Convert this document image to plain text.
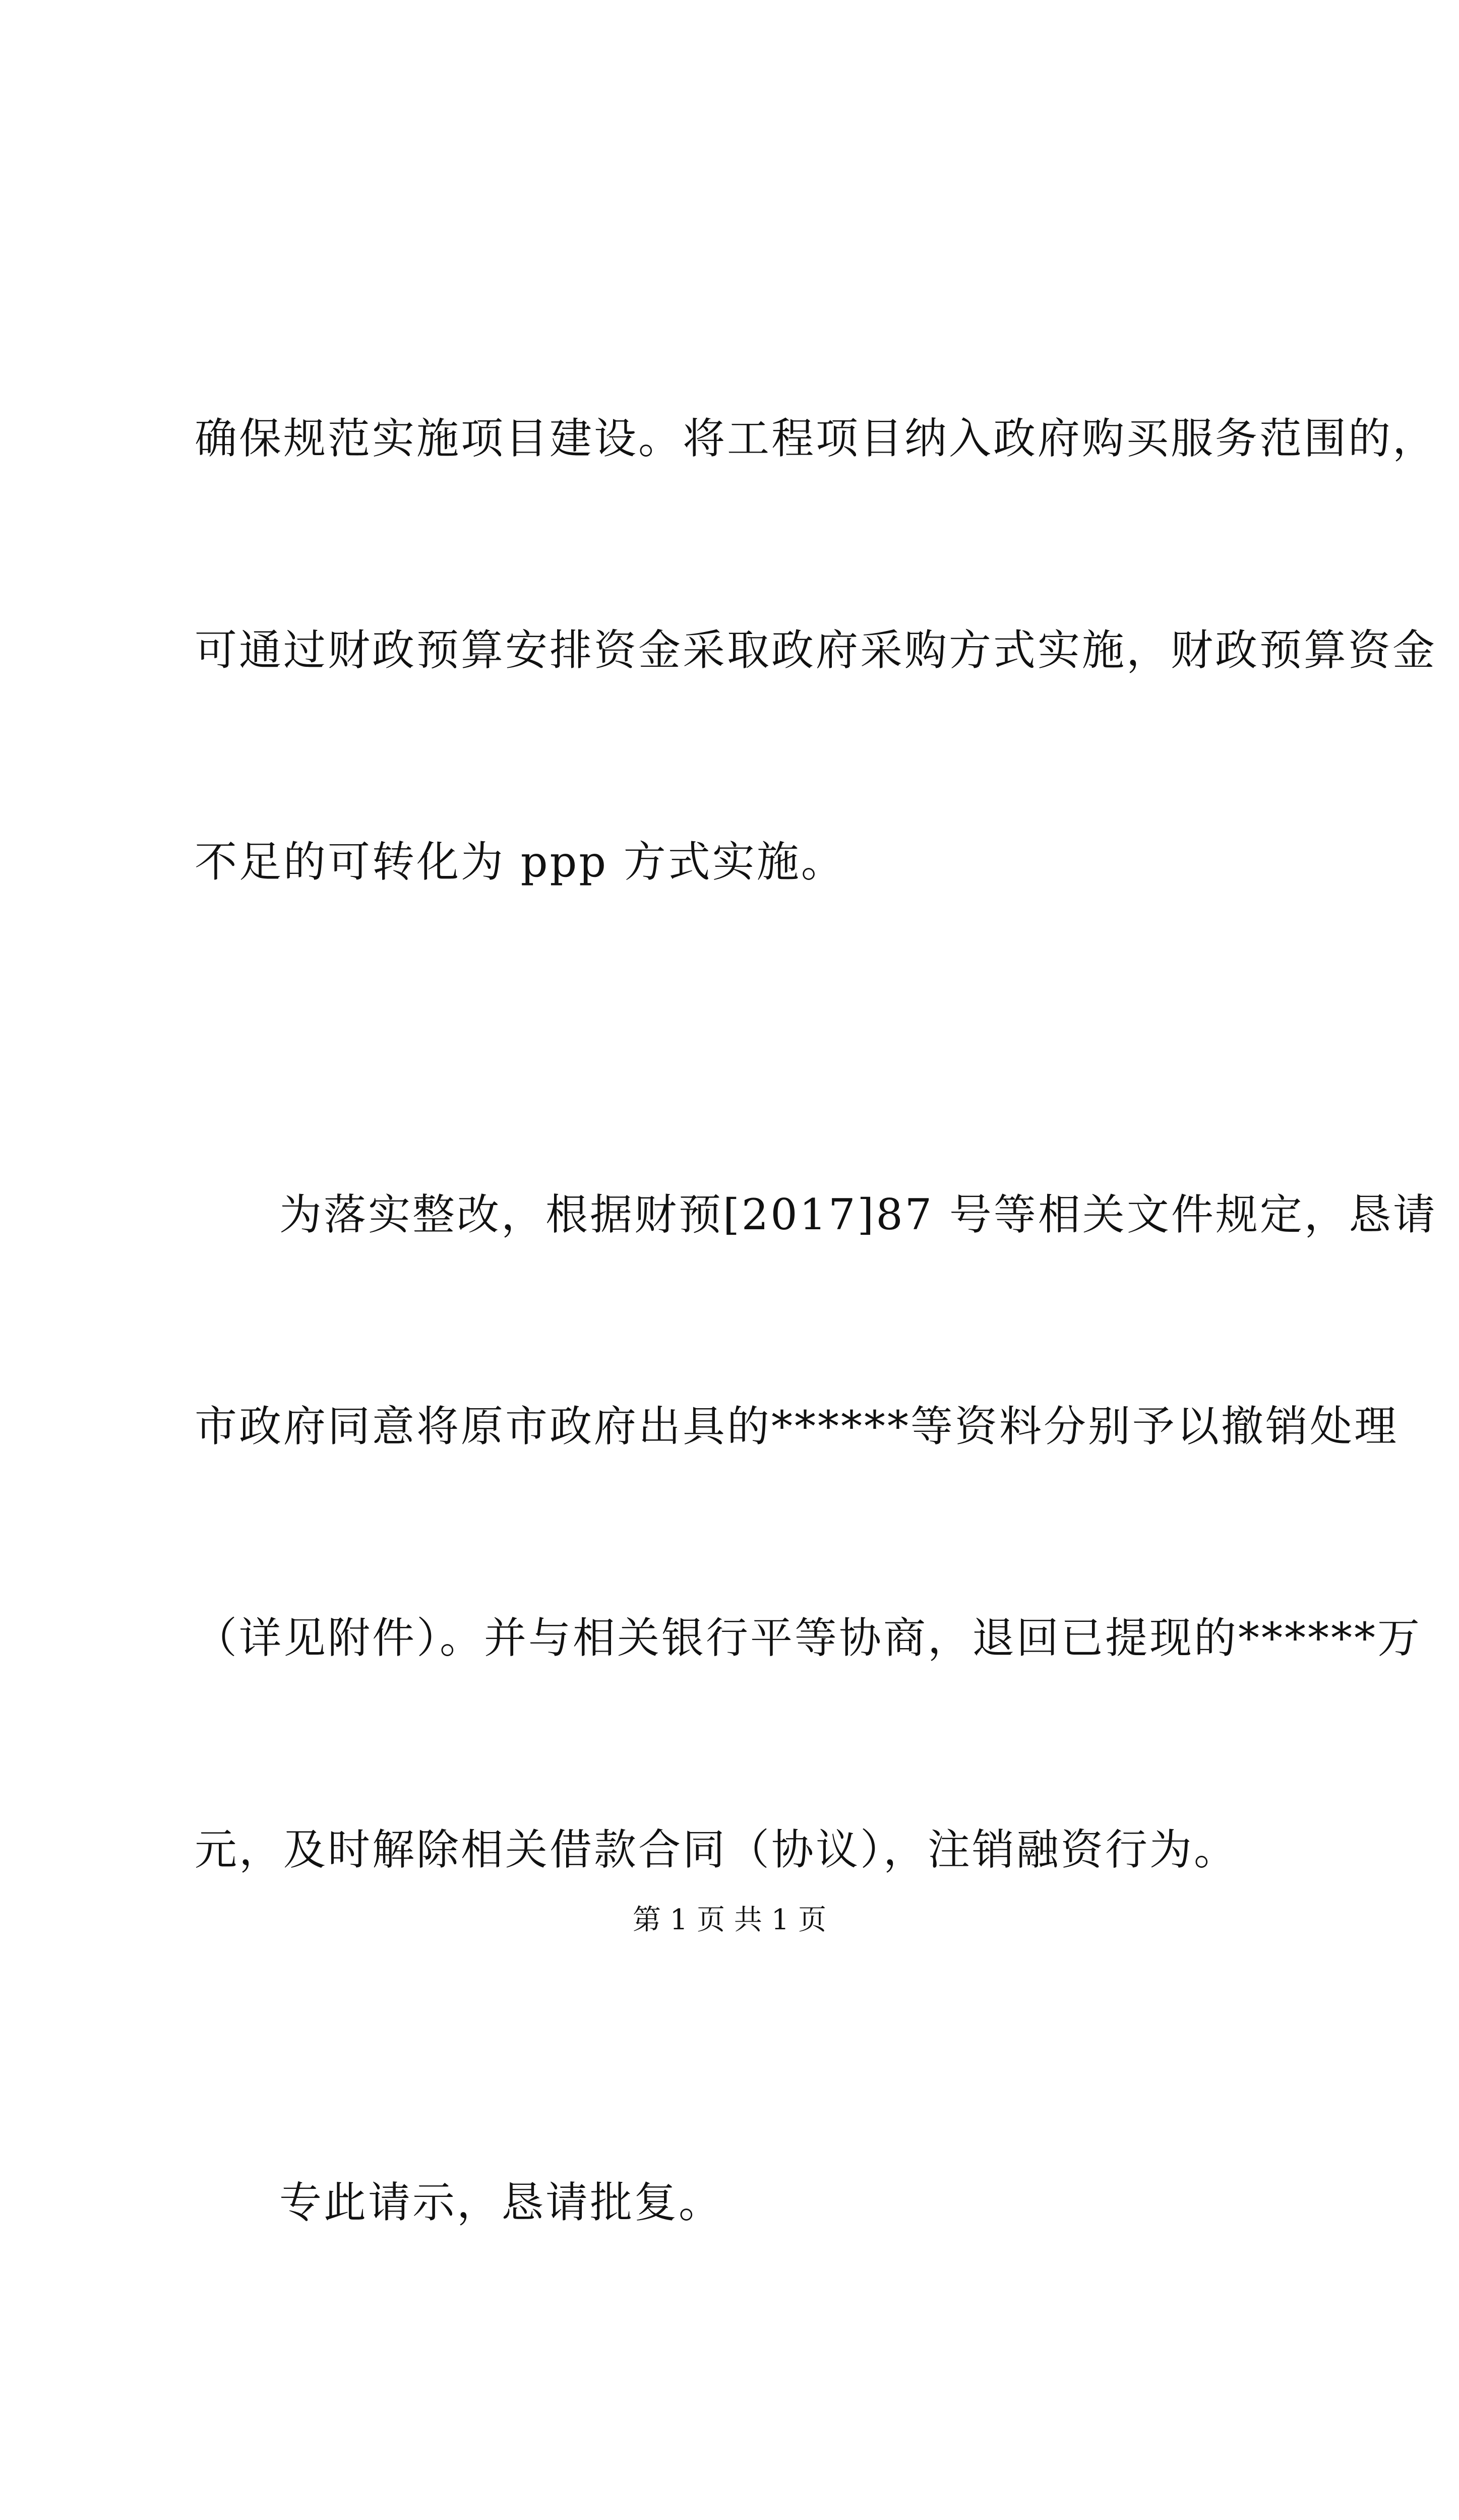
确保规范实施项目建设。将工程项目纳入政府购买服务范围的，

可通过财政预算安排资金采取政府采购方式实施，财政预算资金

不足的可转化为 ppp 方式实施。

为落实整改，根据财预[2017]87 号等相关文件规定，恳请

市政府同意将原市政府出具的******等资料分别予以撤销处理

（详见附件）。并与相关银行平等协商，退回已提现的******万

元，及时解除相关借款合同（协议），注销融资行为。

专此请示，恳请批复。

第 1 页 共 1 页
